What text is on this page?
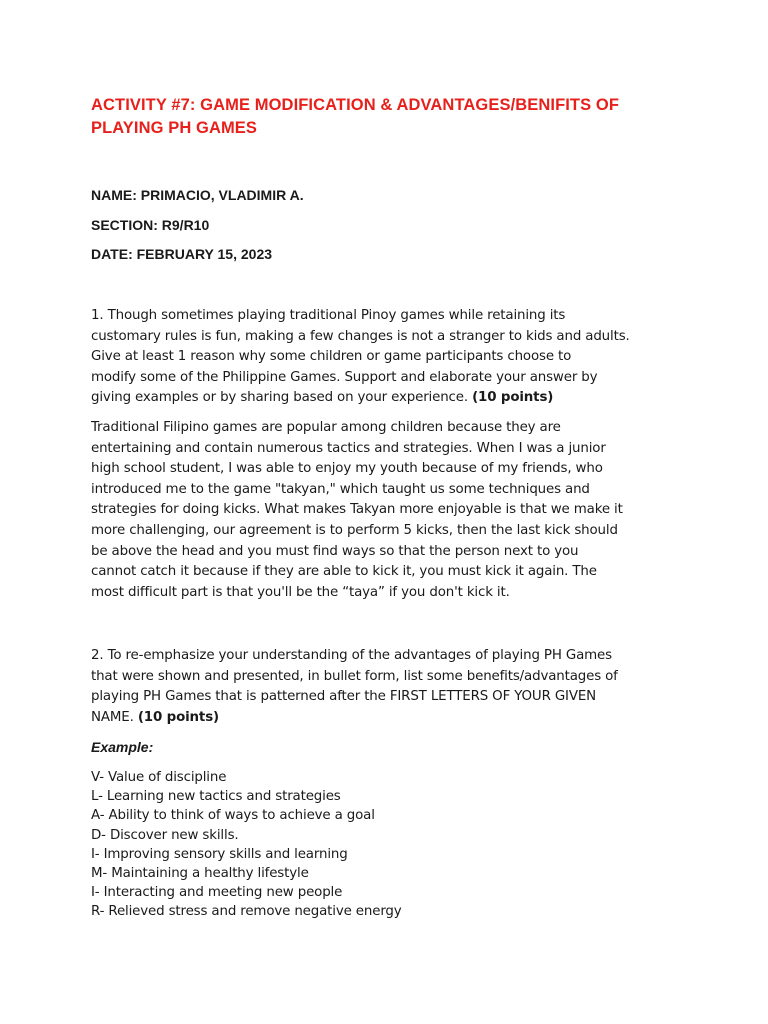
ACTIVITY #7: GAME MODIFICATION & ADVANTAGES/BENIFITS OF
PLAYING PH GAMES

NAME: PRIMACIO, VLADIMIR A.

SECTION: R9/R10

DATE: FEBRUARY 15, 2023

1. Though sometimes playing traditional Pinoy games while retaining its
customary rules is fun, making a few changes is not a stranger to kids and adults.
Give at least 1 reason why some children or game participants choose to
modify some of the Philippine Games. Support and elaborate your answer by
giving examples or by sharing based on your experience. (10 points)
Traditional Filipino games are popular among children because they are
entertaining and contain numerous tactics and strategies. When I was a junior
high school student, I was able to enjoy my youth because of my friends, who
introduced me to the game "takyan," which taught us some techniques and
strategies for doing kicks. What makes Takyan more enjoyable is that we make it
more challenging, our agreement is to perform 5 kicks, then the last kick should
be above the head and you must find ways so that the person next to you
cannot catch it because if they are able to kick it, you must kick it again. The
most difficult part is that you'll be the “taya” if you don't kick it.
2. To re-emphasize your understanding of the advantages of playing PH Games
that were shown and presented, in bullet form, list some benefits/advantages of
playing PH Games that is patterned after the FIRST LETTERS OF YOUR GIVEN
NAME. (10 points)

Example:

V- Value of discipline
L- Learning new tactics and strategies
A- Ability to think of ways to achieve a goal
D- Discover new skills.
I- Improving sensory skills and learning
M- Maintaining a healthy lifestyle
I- Interacting and meeting new people
R- Relieved stress and remove negative energy
